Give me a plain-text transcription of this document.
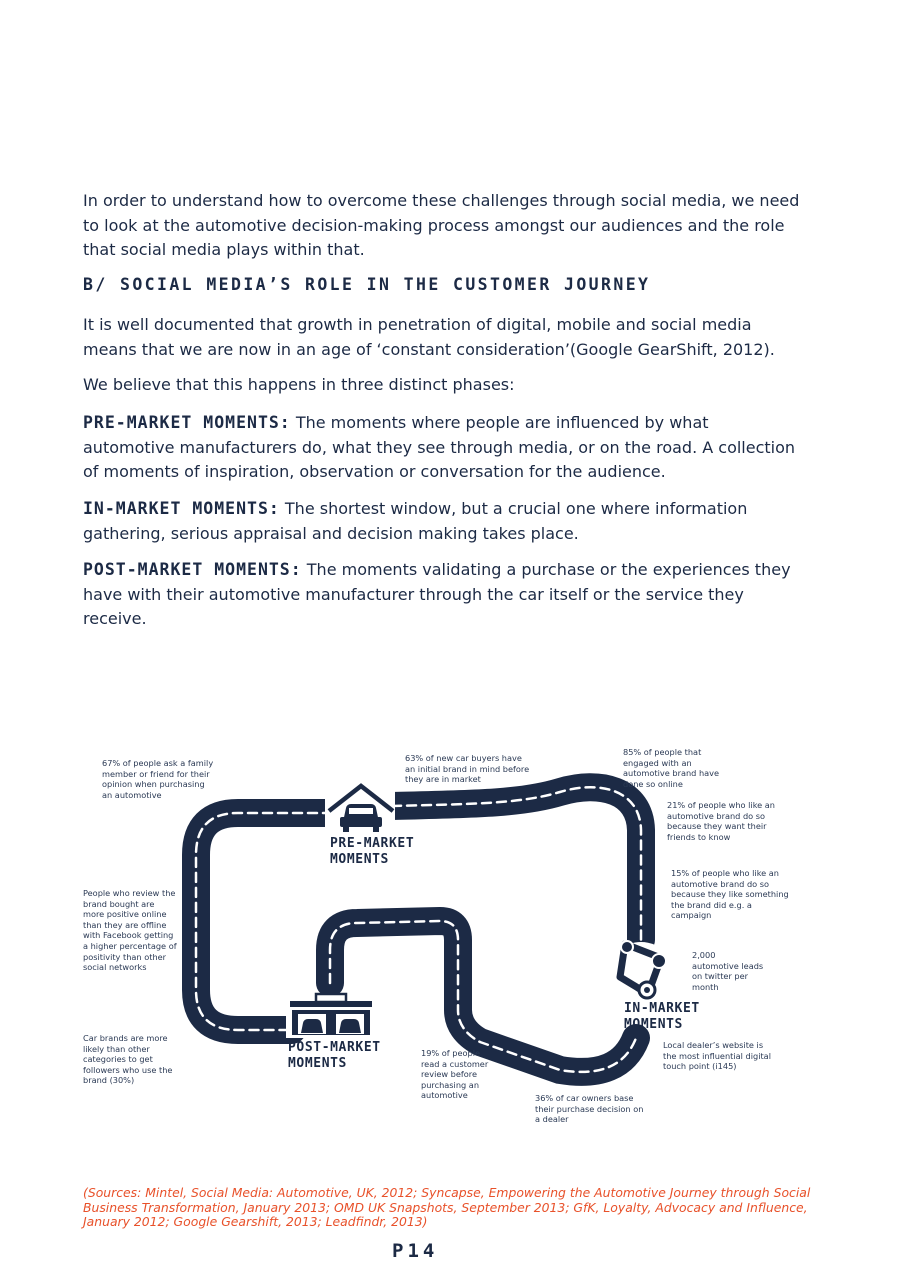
In order to understand how to overcome these challenges through social media, we need to look at the automotive decision-making process amongst our audiences and the role that social media plays within that.

B/ SOCIAL MEDIA’S ROLE IN THE CUSTOMER JOURNEY

It is well documented that growth in penetration of digital, mobile and social media means that we are now in an age of ‘constant consideration’(Google GearShift, 2012).

We believe that this happens in three distinct phases:

PRE-MARKET MOMENTS: The moments where people are influenced by what automotive manufacturers do, what they see through media, or on the road. A collection of moments of inspiration, observation or conversation for the audience.

IN-MARKET MOMENTS: The shortest window, but a crucial one where information gathering, serious appraisal and decision making takes place.

POST-MARKET MOMENTS: The moments validating a purchase or the experiences they have with their automotive manufacturer through the car itself or the service they receive.

PRE-MARKET
MOMENTS
IN-MARKET
MOMENTS
POST-MARKET
MOMENTS

67% of people ask a family member or friend for their opinion when purchasing an automotive

63% of new car buyers have an initial brand in mind before they are in market

85% of people that engaged with an automotive brand have done so online

21% of people who like an automotive brand do so because they want their friends to know

15% of people who like an automotive brand do so because they like something the brand did e.g. a campaign

People who review the brand bought are more positive online than they are offline with Facebook getting a higher percentage of positivity than other social networks

2,000 automotive leads on twitter per month

Local dealer’s website is the most influential digital touch point (i145)

Car brands are more likely than other categories to get followers who use the brand (30%)

19% of people read a customer review before purchasing an automotive	36% of car owners base their purchase decision on a dealer

(Sources: Mintel, Social Media: Automotive, UK, 2012; Syncapse, Empowering the Automotive Journey through Social Business Transformation, January 2013; OMD UK Snapshots, September 2013; GfK, Loyalty, Advocacy and Influence, January 2012; Google Gearshift, 2013; Leadfindr, 2013)

P14
